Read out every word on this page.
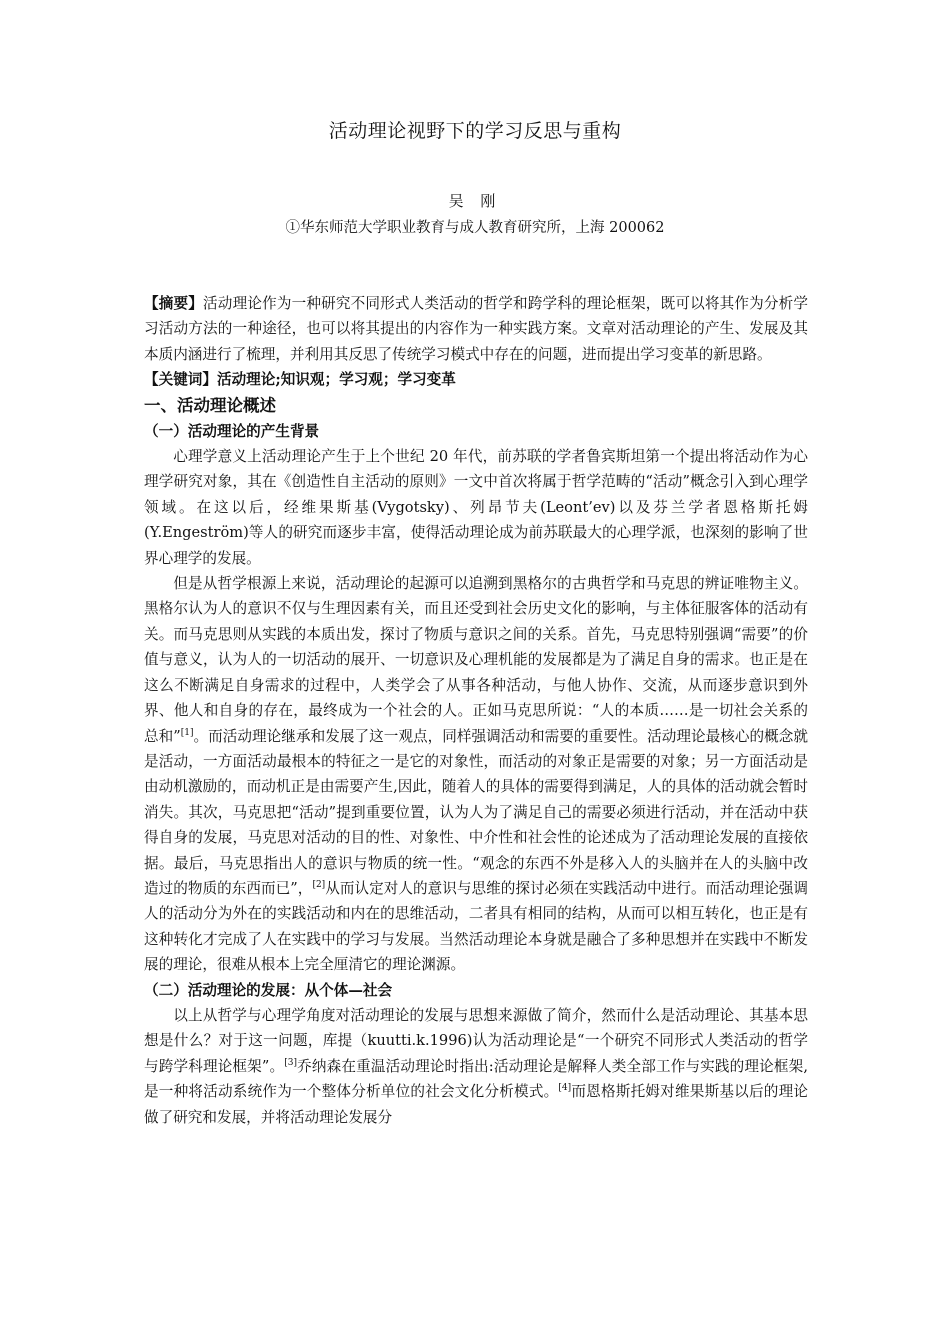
活动理论视野下的学习反思与重构
吴 刚
①华东师范大学职业教育与成人教育研究所，上海 200062

【摘要】活动理论作为一种研究不同形式人类活动的哲学和跨学科的理论框架，既可以将其作为分析学习活动方法的一种途径，也可以将其提出的内容作为一种实践方案。文章对活动理论的产生、发展及其本质内涵进行了梳理，并利用其反思了传统学习模式中存在的问题，进而提出学习变革的新思路。

【关键词】活动理论;知识观；学习观；学习变革

一、活动理论概述

（一）活动理论的产生背景

心理学意义上活动理论产生于上个世纪 20 年代，前苏联的学者鲁宾斯坦第一个提出将活动作为心理学研究对象，其在《创造性自主活动的原则》一文中首次将属于哲学范畴的“活动”概念引入到心理学领域。在这以后，经维果斯基(Vygotsky)、列昂节夫(Leont’ev)以及芬兰学者恩格斯托姆(Y.Engeström)等人的研究而逐步丰富，使得活动理论成为前苏联最大的心理学派，也深刻的影响了世界心理学的发展。

但是从哲学根源上来说，活动理论的起源可以追溯到黑格尔的古典哲学和马克思的辨证唯物主义。黑格尔认为人的意识不仅与生理因素有关，而且还受到社会历史文化的影响，与主体征服客体的活动有关。而马克思则从实践的本质出发，探讨了物质与意识之间的关系。首先，马克思特别强调“需要”的价值与意义，认为人的一切活动的展开、一切意识及心理机能的发展都是为了满足自身的需求。也正是在这么不断满足自身需求的过程中，人类学会了从事各种活动，与他人协作、交流，从而逐步意识到外界、他人和自身的存在，最终成为一个社会的人。正如马克思所说：“人的本质……是一切社会关系的总和”[1]。而活动理论继承和发展了这一观点，同样强调活动和需要的重要性。活动理论最核心的概念就是活动，一方面活动最根本的特征之一是它的对象性，而活动的对象正是需要的对象；另一方面活动是由动机激励的，而动机正是由需要产生,因此，随着人的具体的需要得到满足，人的具体的活动就会暂时消失。其次，马克思把“活动”提到重要位置，认为人为了满足自己的需要必须进行活动，并在活动中获得自身的发展，马克思对活动的目的性、对象性、中介性和社会性的论述成为了活动理论发展的直接依据。最后，马克思指出人的意识与物质的统一性。“观念的东西不外是移入人的头脑并在人的头脑中改造过的物质的东西而已”，[2]从而认定对人的意识与思维的探讨必须在实践活动中进行。而活动理论强调人的活动分为外在的实践活动和内在的思维活动，二者具有相同的结构，从而可以相互转化，也正是有这种转化才完成了人在实践中的学习与发展。当然活动理论本身就是融合了多种思想并在实践中不断发展的理论，很难从根本上完全厘清它的理论渊源。

（二）活动理论的发展：从个体—社会

以上从哲学与心理学角度对活动理论的发展与思想来源做了简介，然而什么是活动理论、其基本思想是什么？对于这一问题，库提（kuutti.k.1996)认为活动理论是“一个研究不同形式人类活动的哲学与跨学科理论框架”。[3]乔纳森在重温活动理论时指出:活动理论是解释人类全部工作与实践的理论框架,是一种将活动系统作为一个整体分析单位的社会文化分析模式。[4]而恩格斯托姆对维果斯基以后的理论做了研究和发展，并将活动理论发展分
